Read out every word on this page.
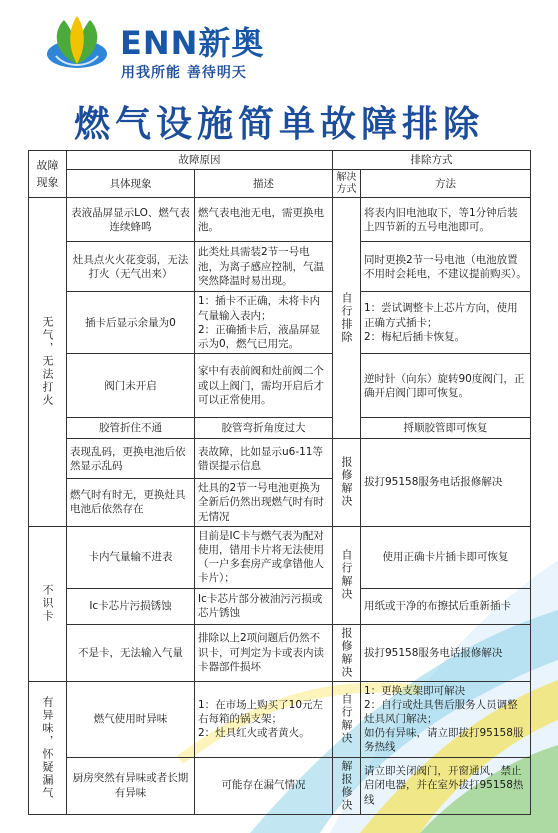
ENN新奥
用我所能 善待明天
燃气设施简单故障排除
故障现象	故障原因		排除方式	
	具体现象	描述	解决方式	方法

无气，无法打火	表液晶屏显示LO、燃气表连续蜂鸣	燃气表电池无电，需更换电池。	自行排除	将表内旧电池取下，等1分钟后装上四节新的五号电池即可。
	灶具点火火花变弱，无法打火（无气出来）	此类灶具需装2节一号电池，为离子感应控制，气温突然降温时易出现。		同时更换2节一号电池（电池放置不用时会耗电，不建议提前购买）。
	插卡后显示余量为0	1：插卡不正确，未将卡内气量输入表内；
2：正确插卡后，液晶屏显示为0，燃气已用完。		1：尝试调整卡上芯片方向，使用正确方式插卡；
2：梅杞后插卡恢复。

	阀门未开启	家中有表前阀和灶前阀二个或以上阀门，需均开启后才可以正常使用。		逆时针（向东）旋转90度阀门，正确开启阀门即可恢复。
	胶管折住不通	胶管弯折角度过大		捋顺胶管即可恢复
	表现乱码，更换电池后依然显示乱码	表故障，比如显示u6-11等错误提示信息	报修解决	拔打95158服务电话报修解决
	燃气时有时无，更换灶具电池后依然存在	灶具的2节一号电池更换为全新后仍然出现燃气时有时无情况		

不识卡	卡内气量输不进表	目前是IC卡与燃气表为配对使用，错用卡片将无法使用（一户多套房产或拿错他人卡片）；	自行解决	使用正确卡片插卡即可恢复
	Ic卡芯片污损锈蚀	Ic卡芯片部分被油污污损或芯片锈蚀		用纸或干净的布擦拭后重新插卡
	不是卡，无法输入气量	排除以上2项问题后仍然不识卡，可判定为卡或表内读卡器部件损坏	报修解决	拔打95158服务电话报修解决

有异味，怀疑漏气	燃气使用时异味	1：在市场上购买了10元左右每箱的锅支架；
2：灶具红火或者黄火。	自行解决	1：更换支架即可解决
2：自行或灶具售后服务人员调整灶具风门解决；
如仍有异味，请立即拔打95158服务热线

	厨房突然有异味或者长期有异味	可能存在漏气情况	解报修决	请立即关闭阀门，开窗通风，禁止启闭电器，并在室外拔打95158热线
